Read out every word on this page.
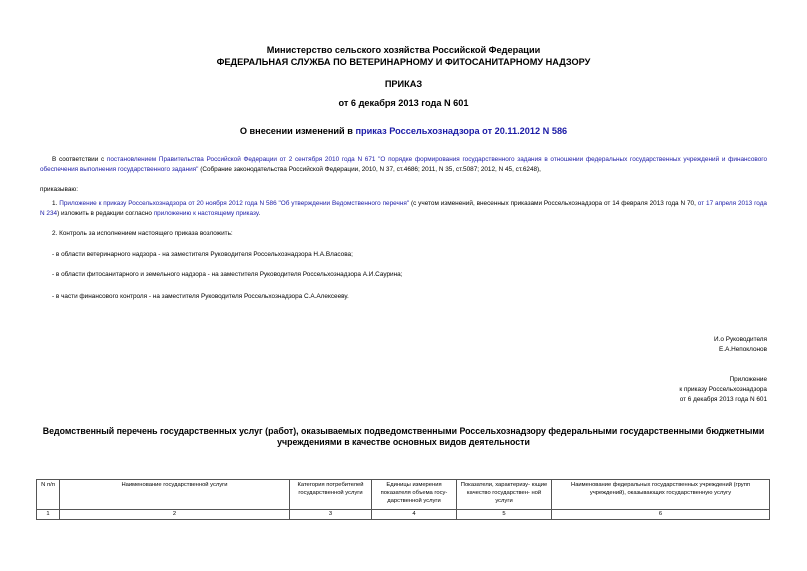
Министерство сельского хозяйства Российской Федерации
ФЕДЕРАЛЬНАЯ СЛУЖБА ПО ВЕТЕРИНАРНОМУ И ФИТОСАНИТАРНОМУ НАДЗОРУ
ПРИКАЗ
от 6 декабря 2013 года N 601
О внесении изменений в приказ Россельхознадзора от 20.11.2012 N 586
В соответствии с постановлением Правительства Российской Федерации от 2 сентября 2010 года N 671 "О порядке формирования государственного задания в отношении федеральных государственных учреждений и финансового обеспечения выполнения государственного задания" (Собрание законодательства Российской Федерации, 2010, N 37, ст.4686; 2011, N 35, ст.5087; 2012, N 45, ст.6248),
приказываю:
1. Приложение к приказу Россельхознадзора от 20 ноября 2012 года N 586 "Об утверждении Ведомственного перечня" (с учетом изменений, внесенных приказами Россельхознадзора от 14 февраля 2013 года N 70, от 17 апреля 2013 года N 234) изложить в редакции согласно приложению к настоящему приказу.
2. Контроль за исполнением настоящего приказа возложить:
- в области ветеринарного надзора - на заместителя Руководителя Россельхознадзора Н.А.Власова;
- в области фитосанитарного и земельного надзора - на заместителя Руководителя Россельхознадзора А.И.Саурина;
- в части финансового контроля - на заместителя Руководителя Россельхознадзора С.А.Алексееву.
И.о Руководителя
Е.А.Непоклонов
Приложение
к приказу Россельхознадзора
от 6 декабря 2013 года N 601
Ведомственный перечень государственных услуг (работ), оказываемых подведомственными Россельхознадзору федеральными государственными бюджетными учреждениями в качестве основных видов деятельности
N п/п	Наименование государственной услуги	Категория потребителей государственной услуги	Единицы измерения показателя объема госу- дарственной услуги	Показатели, характеризу- ющие качество государствен- ной услуги	Наименование федеральных государственных учреждений (групп учреждений), оказывающих государственную услугу
1	2	3	4	5	6
